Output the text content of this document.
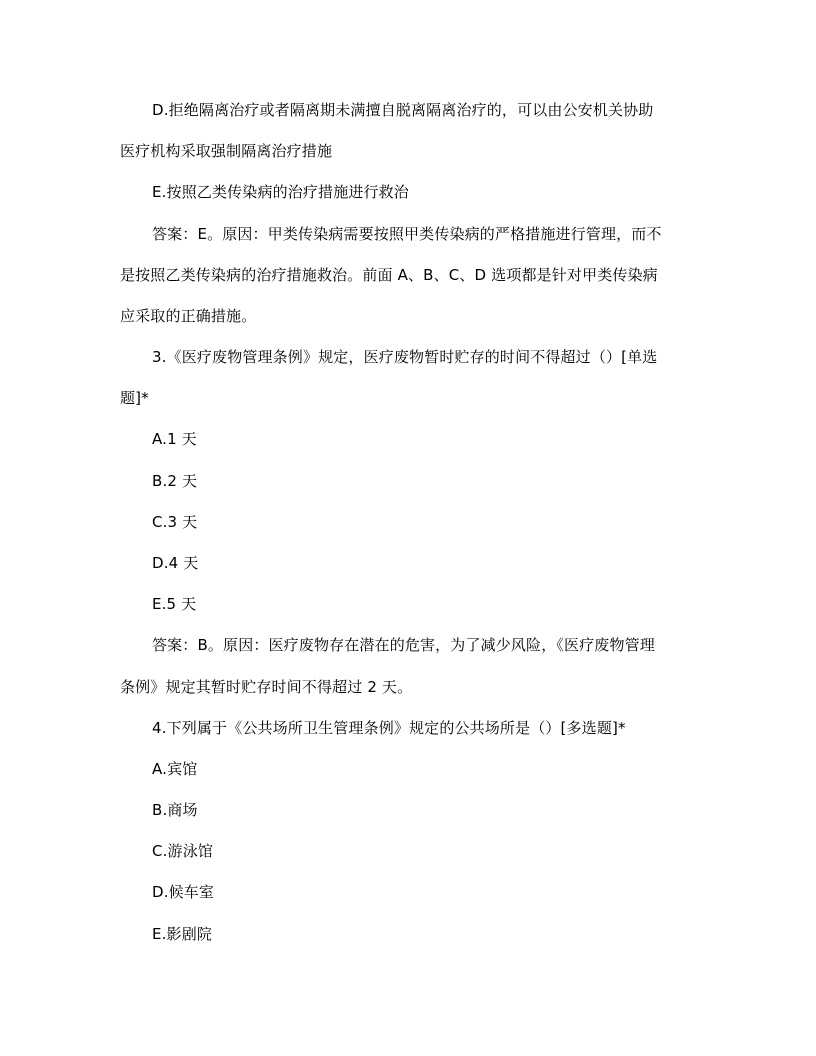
D.拒绝隔离治疗或者隔离期未满擅自脱离隔离治疗的，可以由公安机关协助
医疗机构采取强制隔离治疗措施
E.按照乙类传染病的治疗措施进行救治
答案：E。原因：甲类传染病需要按照甲类传染病的严格措施进行管理，而不
是按照乙类传染病的治疗措施救治。前面 A、B、C、D 选项都是针对甲类传染病
应采取的正确措施。
3.《医疗废物管理条例》规定，医疗废物暂时贮存的时间不得超过（）[单选
题]*
A.1 天
B.2 天
C.3 天
D.4 天
E.5 天
答案：B。原因：医疗废物存在潜在的危害，为了减少风险，《医疗废物管理
条例》规定其暂时贮存时间不得超过 2 天。
4.下列属于《公共场所卫生管理条例》规定的公共场所是（）[多选题]*
A.宾馆
B.商场
C.游泳馆
D.候车室
E.影剧院
